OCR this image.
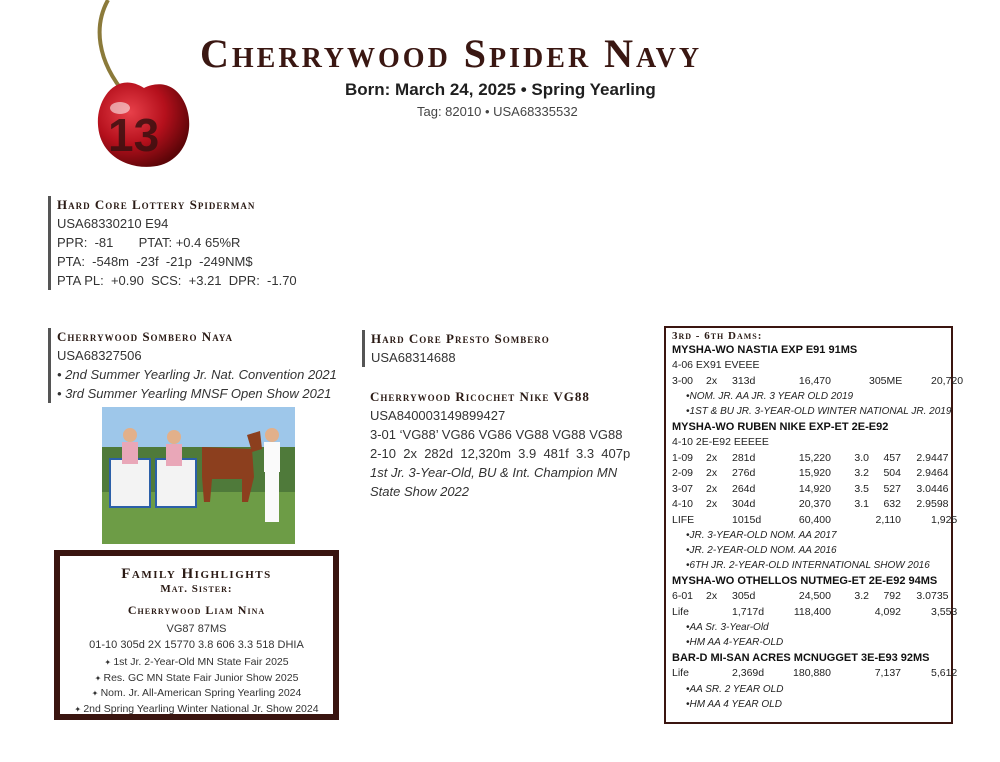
13
Cherrywood Spider Navy
Born: March 24, 2025 • Spring Yearling
Tag: 82010 • USA68335532
Hard Core Lottery Spiderman
USA68330210 E94
PPR:  -81       PTAT: +0.4 65%R
PTA:  -548m  -23f  -21p  -249NM$
PTA PL:  +0.90  SCS:  +3.21  DPR:  -1.70
Cherrywood Sombero Naya
USA68327506
• 2nd Summer Yearling Jr. Nat. Convention 2021
• 3rd Summer Yearling MNSF Open Show 2021
Hard Core Presto Sombero
USA68314688
Cherrywood Ricochet Nike VG88
USA840003149899427
3-01 ‘VG88’ VG86 VG86 VG88 VG88 VG88
2-10  2x  282d  12,320m  3.9  481f  3.3  407p
1st Jr. 3-Year-Old, BU & Int. Champion MN State Show 2022
Family Highlights
Mat. Sister:
Cherrywood Liam Nina
VG87 87MS
01-10 305d 2X 15770 3.8 606 3.3 518 DHIA
✦ 1st Jr. 2-Year-Old MN State Fair 2025
✦ Res. GC MN State Fair Junior Show 2025
✦ Nom. Jr. All-American Spring Yearling 2024
✦ 2nd Spring Yearling Winter National Jr. Show 2024
3rd - 6th Dams:
MYSHA-WO NASTIA EXP E91 91MS
4-06 EX91 EVEEE
3-00	2x	313d	16,470	305ME	20,720
• NOM. JR. AA JR. 3 YEAR OLD 2019
• 1ST & BU JR. 3-YEAR-OLD WINTER NATIONAL JR. 2019
MYSHA-WO RUBEN NIKE EXP-ET 2E-E92
4-10 2E-E92 EEEEE
1-09	2x	281d	15,220	3.0	457	2.9 447
2-09	2x	276d	15,920	3.2	504	2.9 464
3-07	2x	264d	14,920	3.5	527	3.0 446
4-10	2x	304d	20,370	3.1	632	2.9 598
LIFE	1015d	60,400	2,110	1,925
• JR. 3-YEAR-OLD NOM. AA 2017
• JR. 2-YEAR-OLD NOM. AA 2016
• 6TH JR. 2-YEAR-OLD INTERNATIONAL SHOW 2016
MYSHA-WO OTHELLOS NUTMEG-ET 2E-E92 94MS
6-01	2x	305d	24,500	3.2	792	3.0 735
Life	1,717d	118,400	4,092	3,553
• AA Sr. 3-Year-Old
• HM AA 4-YEAR-OLD
BAR-D MI-SAN ACRES MCNUGGET 3E-E93 92MS
Life	2,369d	180,880	7,137	5,612
• AA SR. 2 YEAR OLD
• HM AA 4 YEAR OLD
